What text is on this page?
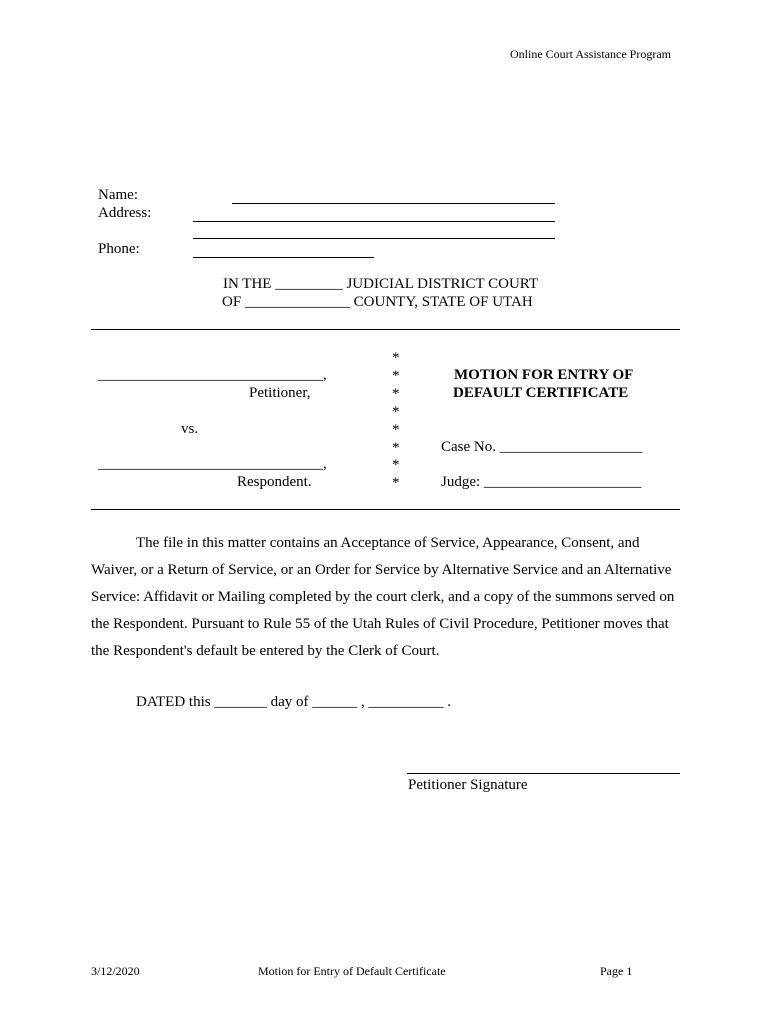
Online Court Assistance Program
Name:
Address:
Phone:
IN THE _________ JUDICIAL DISTRICT COURT
OF ______________ COUNTY, STATE OF UTAH
______________________________,
Petitioner,
vs.
______________________________,
Respondent.
*
*
*
*
*
*
*
*
MOTION FOR ENTRY OF
DEFAULT CERTIFICATE
Case No. ___________________
Judge: _____________________
The file in this matter contains an Acceptance of Service, Appearance, Consent, and Waiver, or a Return of Service, or an Order for Service by Alternative Service and an Alternative Service: Affidavit or Mailing completed by the court clerk, and a copy of the summons served on the Respondent. Pursuant to Rule 55 of the Utah Rules of Civil Procedure, Petitioner moves that the Respondent's default be entered by the Clerk of Court.
DATED this _______ day of ______ , __________ .
Petitioner Signature
3/12/2020	Motion for Entry of Default Certificate	Page 1
